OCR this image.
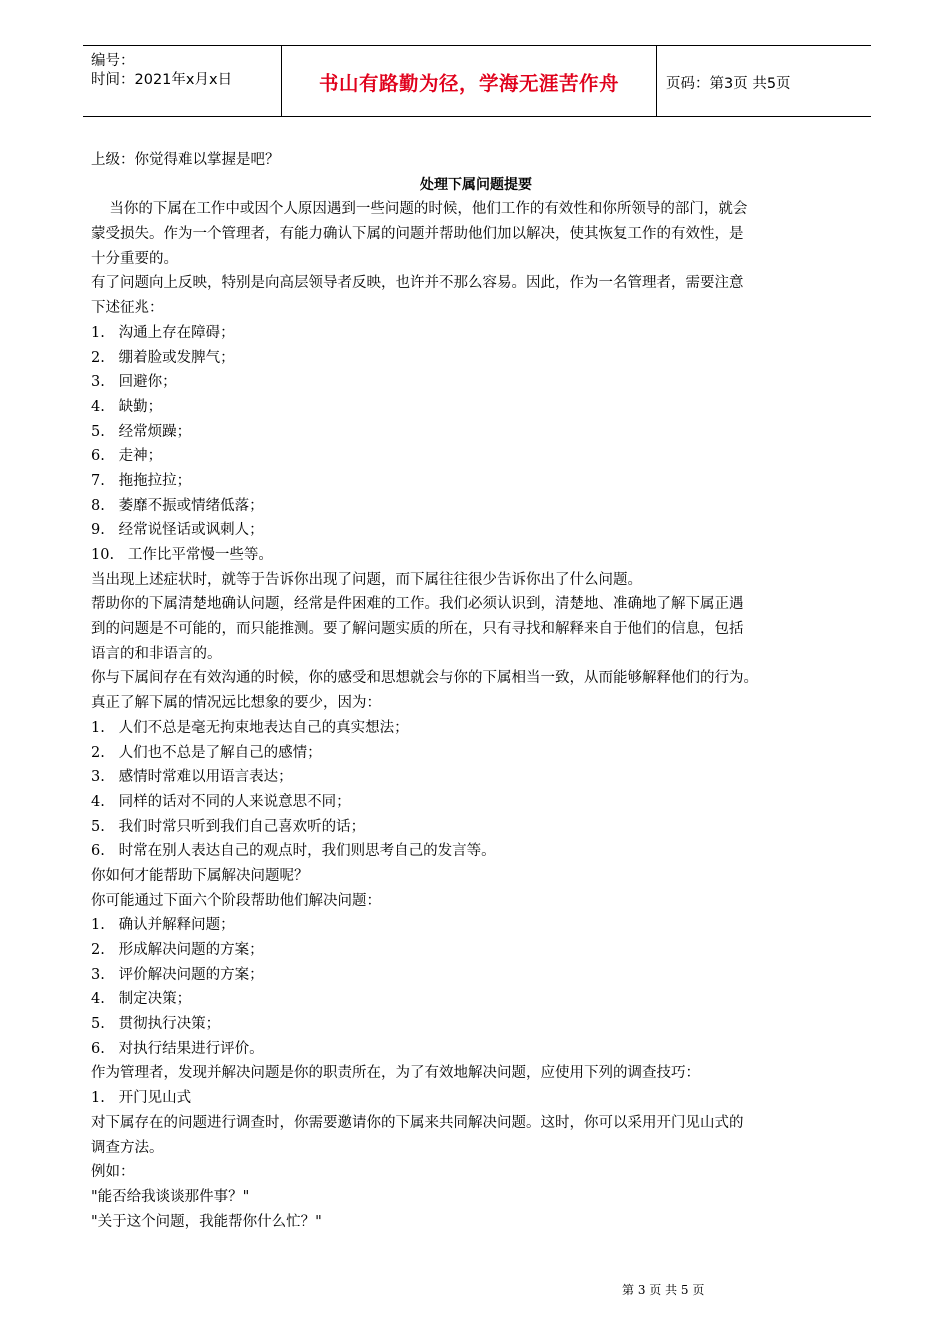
编号：
时间：2021年x月x日	书山有路勤为径，学海无涯苦作舟	页码：第3页 共5页
上级：你觉得难以掌握是吧？
处理下属问题提要
当你的下属在工作中或因个人原因遇到一些问题的时候，他们工作的有效性和你所领导的部门，就会
蒙受损失。作为一个管理者，有能力确认下属的问题并帮助他们加以解决，使其恢复工作的有效性，是
十分重要的。
有了问题向上反映，特别是向高层领导者反映，也许并不那么容易。因此，作为一名管理者，需要注意
下述征兆：
1.   沟通上存在障碍；
2.   绷着脸或发脾气；
3.   回避你；
4.   缺勤；
5.   经常烦躁；
6.   走神；
7.   拖拖拉拉；
8.   萎靡不振或情绪低落；
9.   经常说怪话或讽刺人；
10.   工作比平常慢一些等。
当出现上述症状时，就等于告诉你出现了问题，而下属往往很少告诉你出了什么问题。
帮助你的下属清楚地确认问题，经常是件困难的工作。我们必须认识到，清楚地、准确地了解下属正遇
到的问题是不可能的，而只能推测。要了解问题实质的所在，只有寻找和解释来自于他们的信息，包括
语言的和非语言的。
你与下属间存在有效沟通的时候，你的感受和思想就会与你的下属相当一致，从而能够解释他们的行为。
真正了解下属的情况远比想象的要少，因为：
1.   人们不总是毫无拘束地表达自己的真实想法；
2.   人们也不总是了解自己的感情；
3.   感情时常难以用语言表达；
4.   同样的话对不同的人来说意思不同；
5.   我们时常只听到我们自己喜欢听的话；
6.   时常在别人表达自己的观点时，我们则思考自己的发言等。
你如何才能帮助下属解决问题呢？
你可能通过下面六个阶段帮助他们解决问题：
1.   确认并解释问题；
2.   形成解决问题的方案；
3.   评价解决问题的方案；
4.   制定决策；
5.   贯彻执行决策；
6.   对执行结果进行评价。
作为管理者，发现并解决问题是你的职责所在，为了有效地解决问题，应使用下列的调查技巧：
1.   开门见山式
对下属存在的问题进行调查时，你需要邀请你的下属来共同解决问题。这时，你可以采用开门见山式的
调查方法。
例如：
"能否给我谈谈那件事？"
"关于这个问题，我能帮你什么忙？"
第 3 页 共 5 页
